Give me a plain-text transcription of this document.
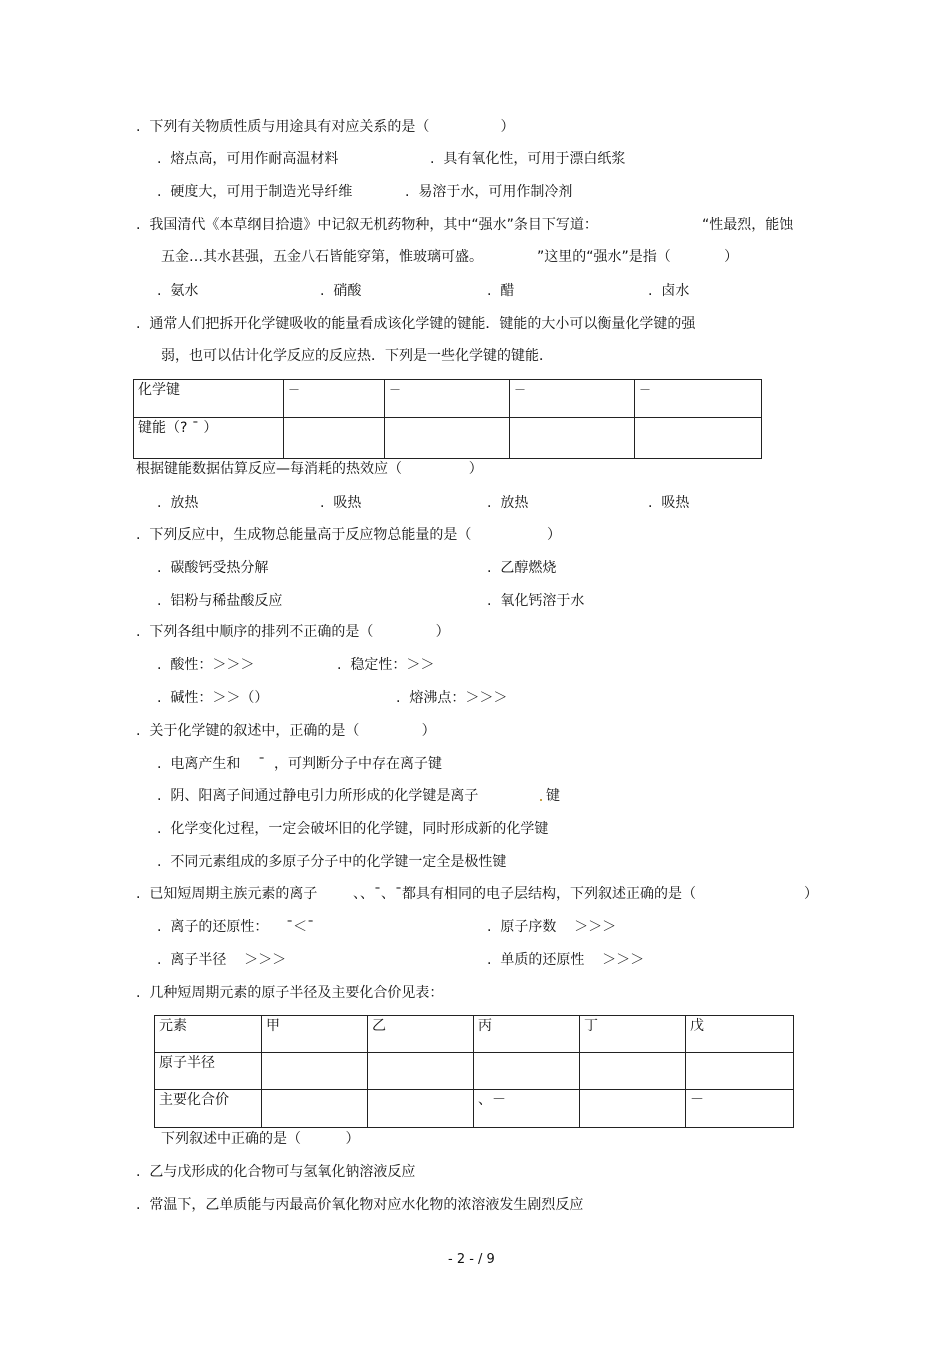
.  下列有关物质性质与用途具有对应关系的是（                ）
.  熔点高，可用作耐高温材料	.  具有氧化性，可用于漂白纸浆
.  硬度大，可用于制造光导纤维	.  易溶于水，可用作制冷剂
.  我国清代《本草纲目拾遗》中记叙无机药物种，其中“强水”条目下写道：	“性最烈，能蚀
五金…其水甚强，五金八石皆能穿第，惟玻璃可盛。	”这里的“强水”是指（            ）
.  氨水	.  硝酸	.  醋	.  卤水
.  通常人们把拆开化学键吸收的能量看成该化学键的键能．键能的大小可以衡量化学键的强
弱，也可以估计化学反应的反应热．下列是一些化学键的键能．
化学键	－	－	－	－
键能（? ˉ ）				
根据键能数据估算反应—每消耗的热效应（               ）
.  放热	.  吸热	.  放热	.  吸热
.  下列反应中，生成物总能量高于反应物总能量的是（                 ）
.  碳酸钙受热分解	.  乙醇燃烧
.  铝粉与稀盐酸反应	.  氧化钙溶于水
.  下列各组中顺序的排列不正确的是（              ）
.  酸性：＞＞＞	.  稳定性：＞＞
.  碱性：＞＞（）	.  熔沸点：＞＞＞
.  关于化学键的叙述中，正确的是（              ）
.  电离产生和    ˉ  ，可判断分子中存在离子键
.  阴、阳离子间通过静电引力所形成的化学键是离子	键
.  化学变化过程，一定会破坏旧的化学键，同时形成新的化学键
.  不同元素组成的多原子分子中的化学键一定全是极性键
.  已知短周期主族元素的离子        、、ˉ、ˉ都具有相同的电子层结构，下列叙述正确的是（	）
.  离子的还原性：    ˉ＜ˉ	.  原子序数    ＞＞＞
.  离子半径    ＞＞＞	.  单质的还原性    ＞＞＞
.  几种短周期元素的原子半径及主要化合价见表：
元素	甲	乙	丙	丁	戊
原子半径					
主要化合价			、－		－
下列叙述中正确的是（          ）
.  乙与戊形成的化合物可与氢氧化钠溶液反应
.  常温下，乙单质能与丙最高价氧化物对应水化物的浓溶液发生剧烈反应
- 2 - / 9
